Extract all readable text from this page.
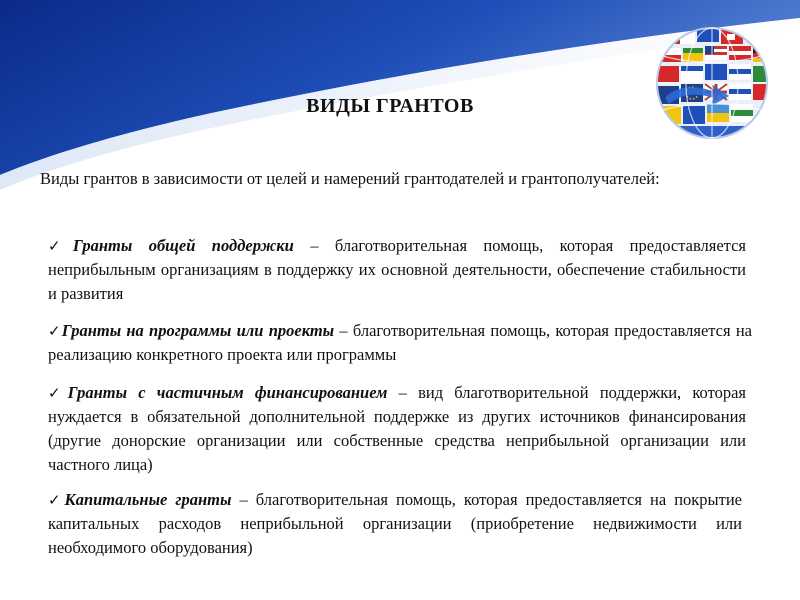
ВИДЫ ГРАНТОВ
Виды грантов в зависимости от целей и намерений грантодателей и грантополучателей:
✓Гранты общей поддержки – благотворительная помощь, которая предоставляется неприбыльным организациям в поддержку их основной деятельности, обеспечение стабильности и развития
✓Гранты на программы или проекты – благотворительная помощь, которая предоставляется на реализацию конкретного проекта или программы
✓Гранты с частичным финансированием – вид благотворительной поддержки, которая нуждается в обязательной дополнительной поддержке из других источников финансирования (другие донорские организации или собственные средства неприбыльной организации или частного лица)
✓Капитальные гранты – благотворительная помощь, которая предоставляется на покрытие капитальных расходов неприбыльной организации (приобретение недвижимости или необходимого оборудования)
